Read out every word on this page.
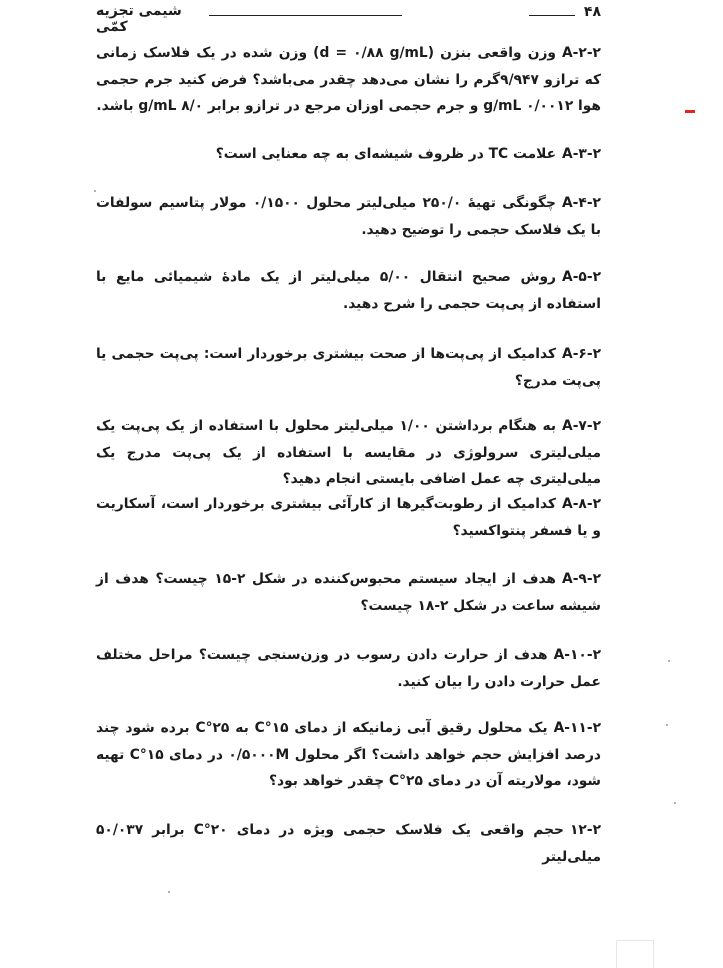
۴۸
شیمی تجزیه کمّی
A-۲-۲وزن واقعی بنزن (d = ۰/۸۸ g/mL) وزن شده در یک فلاسک زمانی که ترازو ۹/۹۴۷گرم را نشان می‌دهد چقدر می‌باشد؟ فرض کنید جرم حجمی هوا ۰/۰۰۱۲ g/mL و جرم حجمی اوزان مرجع در ترازو برابر ۸/۰ g/mL باشد.
A-۳-۲علامت TC در ظروف شیشه‌ای به چه معنایی است؟
A-۴-۲چگونگی تهیهٔ ۲۵۰/۰ میلی‌لیتر محلول ۰/۱۵۰۰ مولار پتاسیم سولفات با یک فلاسک حجمی را توضیح دهید.
A-۵-۲روش صحیح انتقال ۵/۰۰ میلی‌لیتر از یک مادهٔ شیمیائی مایع با استفاده از پی‌پت حجمی را شرح دهید.
A-۶-۲کدامیک از پی‌پت‌ها از صحت بیشتری برخوردار است: پی‌پت حجمی یا پی‌پت مدرج؟
A-۷-۲به هنگام برداشتن ۱/۰۰ میلی‌لیتر محلول با استفاده از یک پی‌پت یک میلی‌لیتری سرولوژی در مقایسه با استفاده از یک پی‌پت مدرج یک میلی‌لیتری چه عمل اضافی بایستی انجام دهید؟
A-۸-۲کدامیک از رطوبت‌گیرها از کارآئی بیشتری برخوردار است، آسکاریت و یا فسفر پنتواکسید؟
A-۹-۲هدف از ایجاد سیستم محبوس‌کننده در شکل ۲-۱۵ چیست؟ هدف از شیشه ساعت در شکل ۲-۱۸ چیست؟
A-۱۰-۲هدف از حرارت دادن رسوب در وزن‌سنجی چیست؟ مراحل مختلف عمل حرارت دادن را بیان کنید.
A-۱۱-۲یک محلول رقیق آبی زمانیکه از دمای ۱۵°C به ۲۵°C برده شود چند درصد افزایش حجم خواهد داشت؟ اگر محلول ۰/۵۰۰۰M در دمای ۱۵°C تهیه شود، مولاریته آن در دمای ۲۵°C چقدر خواهد بود؟
۱۲-۲حجم واقعی یک فلاسک حجمی ویژه در دمای ۲۰°C برابر ۵۰/۰۳۷ میلی‌لیتر
